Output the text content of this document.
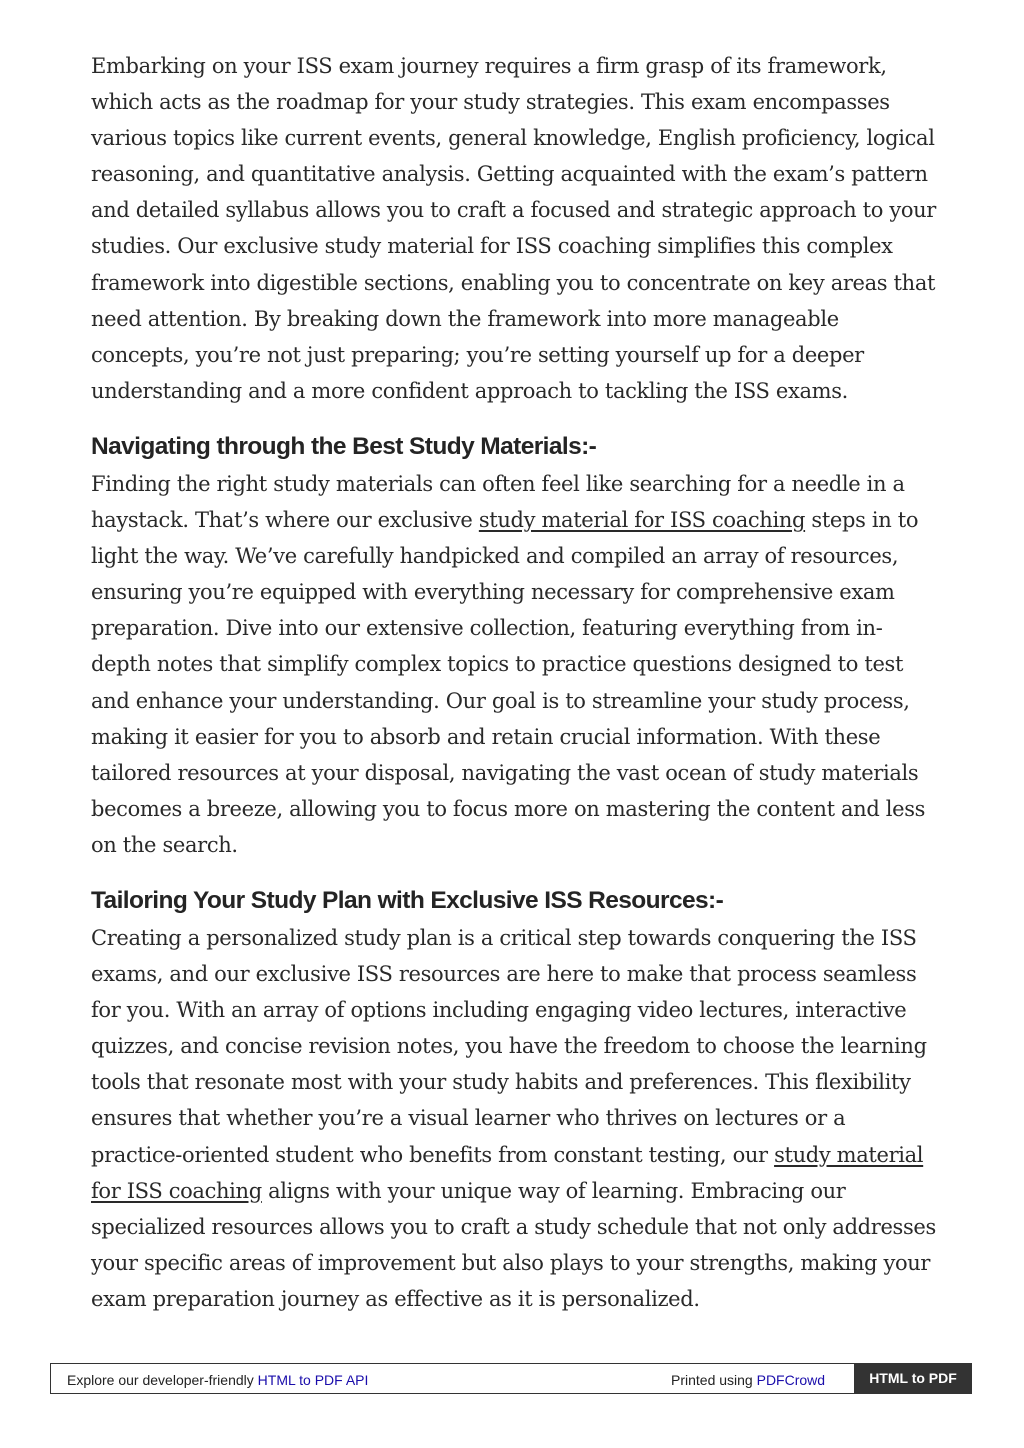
Embarking on your ISS exam journey requires a firm grasp of its framework, which acts as the roadmap for your study strategies. This exam encompasses various topics like current events, general knowledge, English proficiency, logical reasoning, and quantitative analysis. Getting acquainted with the exam’s pattern and detailed syllabus allows you to craft a focused and strategic approach to your studies. Our exclusive study material for ISS coaching simplifies this complex framework into digestible sections, enabling you to concentrate on key areas that need attention. By breaking down the framework into more manageable concepts, you’re not just preparing; you’re setting yourself up for a deeper understanding and a more confident approach to tackling the ISS exams.

Navigating through the Best Study Materials:-

Finding the right study materials can often feel like searching for a needle in a haystack. That’s where our exclusive study material for ISS coaching steps in to light the way. We’ve carefully handpicked and compiled an array of resources, ensuring you’re equipped with everything necessary for comprehensive exam preparation. Dive into our extensive collection, featuring everything from in-depth notes that simplify complex topics to practice questions designed to test and enhance your understanding. Our goal is to streamline your study process, making it easier for you to absorb and retain crucial information. With these tailored resources at your disposal, navigating the vast ocean of study materials becomes a breeze, allowing you to focus more on mastering the content and less on the search.

Tailoring Your Study Plan with Exclusive ISS Resources:-

Creating a personalized study plan is a critical step towards conquering the ISS exams, and our exclusive ISS resources are here to make that process seamless for you. With an array of options including engaging video lectures, interactive quizzes, and concise revision notes, you have the freedom to choose the learning tools that resonate most with your study habits and preferences. This flexibility ensures that whether you’re a visual learner who thrives on lectures or a practice-oriented student who benefits from constant testing, our study material for ISS coaching aligns with your unique way of learning. Embracing our specialized resources allows you to craft a study schedule that not only addresses your specific areas of improvement but also plays to your strengths, making your exam preparation journey as effective as it is personalized.

Explore our developer-friendly HTML to PDF API	Printed using PDFCrowd	HTML to PDF
